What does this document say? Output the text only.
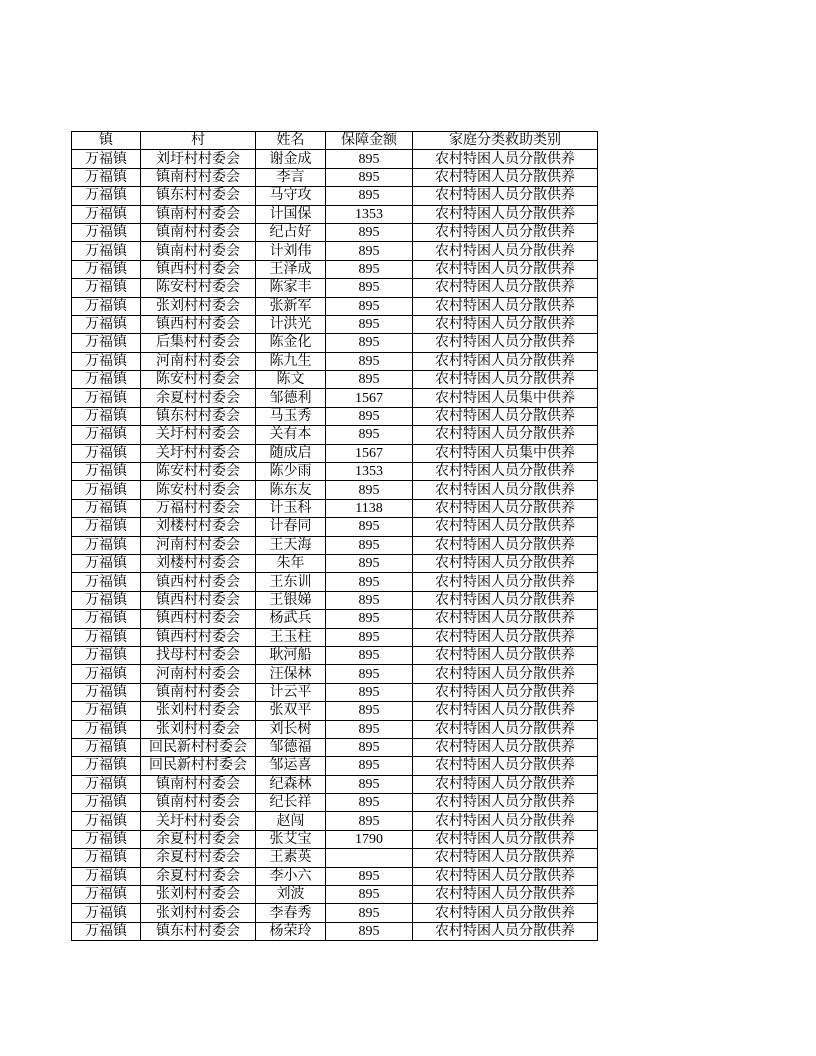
镇	村	姓名	保障金额	家庭分类救助类别
万福镇	刘圩村村委会	谢金成	895	农村特困人员分散供养
万福镇	镇南村村委会	李言	895	农村特困人员分散供养
万福镇	镇东村村委会	马守攻	895	农村特困人员分散供养
万福镇	镇南村村委会	计国保	1353	农村特困人员分散供养
万福镇	镇南村村委会	纪占好	895	农村特困人员分散供养
万福镇	镇南村村委会	计刘伟	895	农村特困人员分散供养
万福镇	镇西村村委会	王泽成	895	农村特困人员分散供养
万福镇	陈安村村委会	陈家丰	895	农村特困人员分散供养
万福镇	张刘村村委会	张新军	895	农村特困人员分散供养
万福镇	镇西村村委会	计洪光	895	农村特困人员分散供养
万福镇	后集村村委会	陈金化	895	农村特困人员分散供养
万福镇	河南村村委会	陈九生	895	农村特困人员分散供养
万福镇	陈安村村委会	陈文	895	农村特困人员分散供养
万福镇	余夏村村委会	邹德利	1567	农村特困人员集中供养
万福镇	镇东村村委会	马玉秀	895	农村特困人员分散供养
万福镇	关圩村村委会	关有本	895	农村特困人员分散供养
万福镇	关圩村村委会	随成启	1567	农村特困人员集中供养
万福镇	陈安村村委会	陈少雨	1353	农村特困人员分散供养
万福镇	陈安村村委会	陈东友	895	农村特困人员分散供养
万福镇	万福村村委会	计玉科	1138	农村特困人员分散供养
万福镇	刘楼村村委会	计春同	895	农村特困人员分散供养
万福镇	河南村村委会	王天海	895	农村特困人员分散供养
万福镇	刘楼村村委会	朱年	895	农村特困人员分散供养
万福镇	镇西村村委会	王东训	895	农村特困人员分散供养
万福镇	镇西村村委会	王银娣	895	农村特困人员分散供养
万福镇	镇西村村委会	杨武兵	895	农村特困人员分散供养
万福镇	镇西村村委会	王玉柱	895	农村特困人员分散供养
万福镇	找母村村委会	耿河船	895	农村特困人员分散供养
万福镇	河南村村委会	汪保林	895	农村特困人员分散供养
万福镇	镇南村村委会	计云平	895	农村特困人员分散供养
万福镇	张刘村村委会	张双平	895	农村特困人员分散供养
万福镇	张刘村村委会	刘长树	895	农村特困人员分散供养
万福镇	回民新村村委会	邹德福	895	农村特困人员分散供养
万福镇	回民新村村委会	邹运喜	895	农村特困人员分散供养
万福镇	镇南村村委会	纪森林	895	农村特困人员分散供养
万福镇	镇南村村委会	纪长祥	895	农村特困人员分散供养
万福镇	关圩村村委会	赵闯	895	农村特困人员分散供养
万福镇	余夏村村委会	张艾宝	1790	农村特困人员分散供养
万福镇	余夏村村委会	王素英		农村特困人员分散供养
万福镇	余夏村村委会	李小六	895	农村特困人员分散供养
万福镇	张刘村村委会	刘波	895	农村特困人员分散供养
万福镇	张刘村村委会	李春秀	895	农村特困人员分散供养
万福镇	镇东村村委会	杨荣玲	895	农村特困人员分散供养
